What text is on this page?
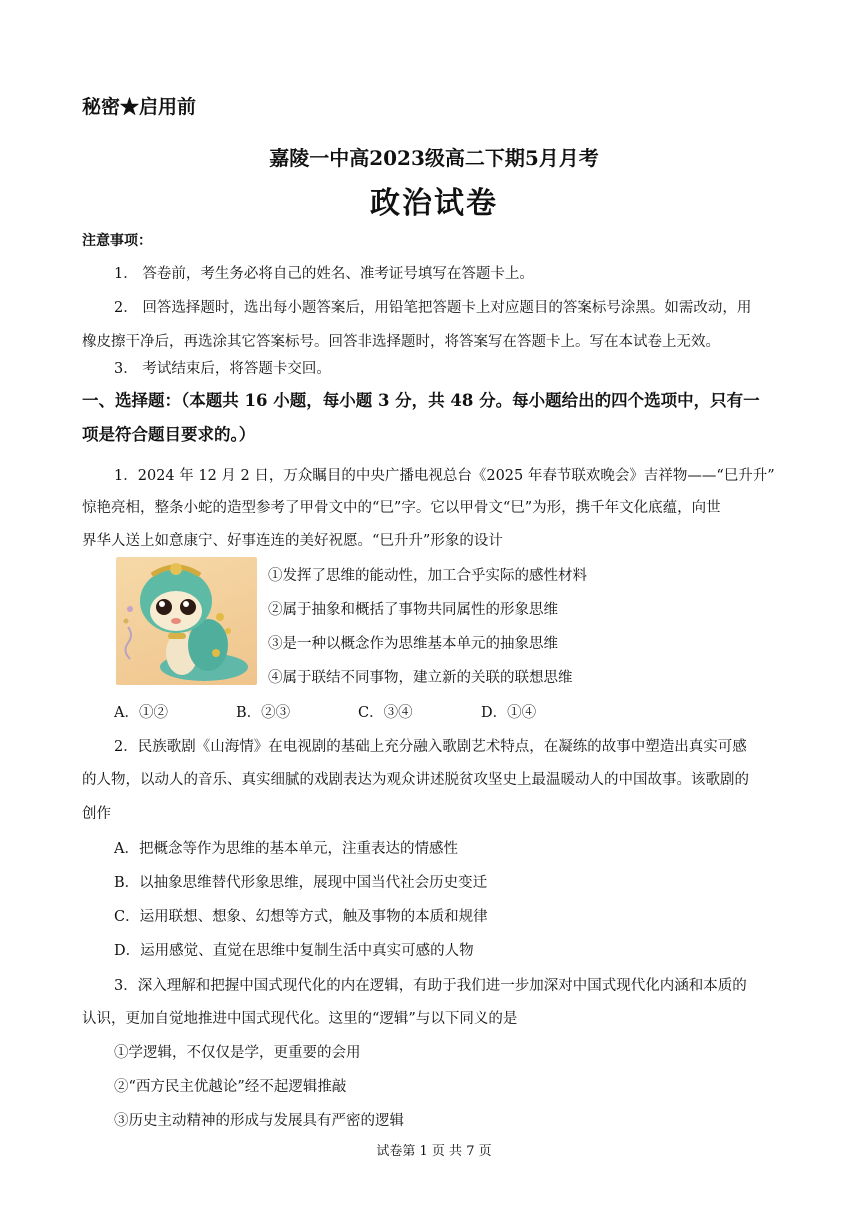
秘密★启用前
嘉陵一中高2023级高二下期5月月考
政治试卷
注意事项：
1． 答卷前，考生务必将自己的姓名、准考证号填写在答题卡上。
2． 回答选择题时，选出每小题答案后，用铅笔把答题卡上对应题目的答案标号涂黑。如需改动，用
橡皮擦干净后，再选涂其它答案标号。回答非选择题时，将答案写在答题卡上。写在本试卷上无效。
3． 考试结束后，将答题卡交回。
一、选择题：（本题共 16 小题，每小题 3 分，共 48 分。每小题给出的四个选项中，只有一
项是符合题目要求的。）
1．2024 年 12 月 2 日，万众瞩目的中央广播电视总台《2025 年春节联欢晚会》吉祥物——“巳升升”
惊艳亮相，整条小蛇的造型参考了甲骨文中的“巳”字。它以甲骨文“巳”为形，携千年文化底蕴，向世
界华人送上如意康宁、好事连连的美好祝愿。“巳升升”形象的设计
①发挥了思维的能动性，加工合乎实际的感性材料
②属于抽象和概括了事物共同属性的形象思维
③是一种以概念作为思维基本单元的抽象思维
④属于联结不同事物，建立新的关联的联想思维
A．①②	B．②③	C．③④	D．①④
2．民族歌剧《山海情》在电视剧的基础上充分融入歌剧艺术特点，在凝练的故事中塑造出真实可感
的人物，以动人的音乐、真实细腻的戏剧表达为观众讲述脱贫攻坚史上最温暖动人的中国故事。该歌剧的
创作
A．把概念等作为思维的基本单元，注重表达的情感性
B．以抽象思维替代形象思维，展现中国当代社会历史变迁
C．运用联想、想象、幻想等方式，触及事物的本质和规律
D．运用感觉、直觉在思维中复制生活中真实可感的人物
3．深入理解和把握中国式现代化的内在逻辑，有助于我们进一步加深对中国式现代化内涵和本质的
认识，更加自觉地推进中国式现代化。这里的“逻辑”与以下同义的是
①学逻辑，不仅仅是学，更重要的会用
②“西方民主优越论”经不起逻辑推敲
③历史主动精神的形成与发展具有严密的逻辑
试卷第 1 页 共 7 页
